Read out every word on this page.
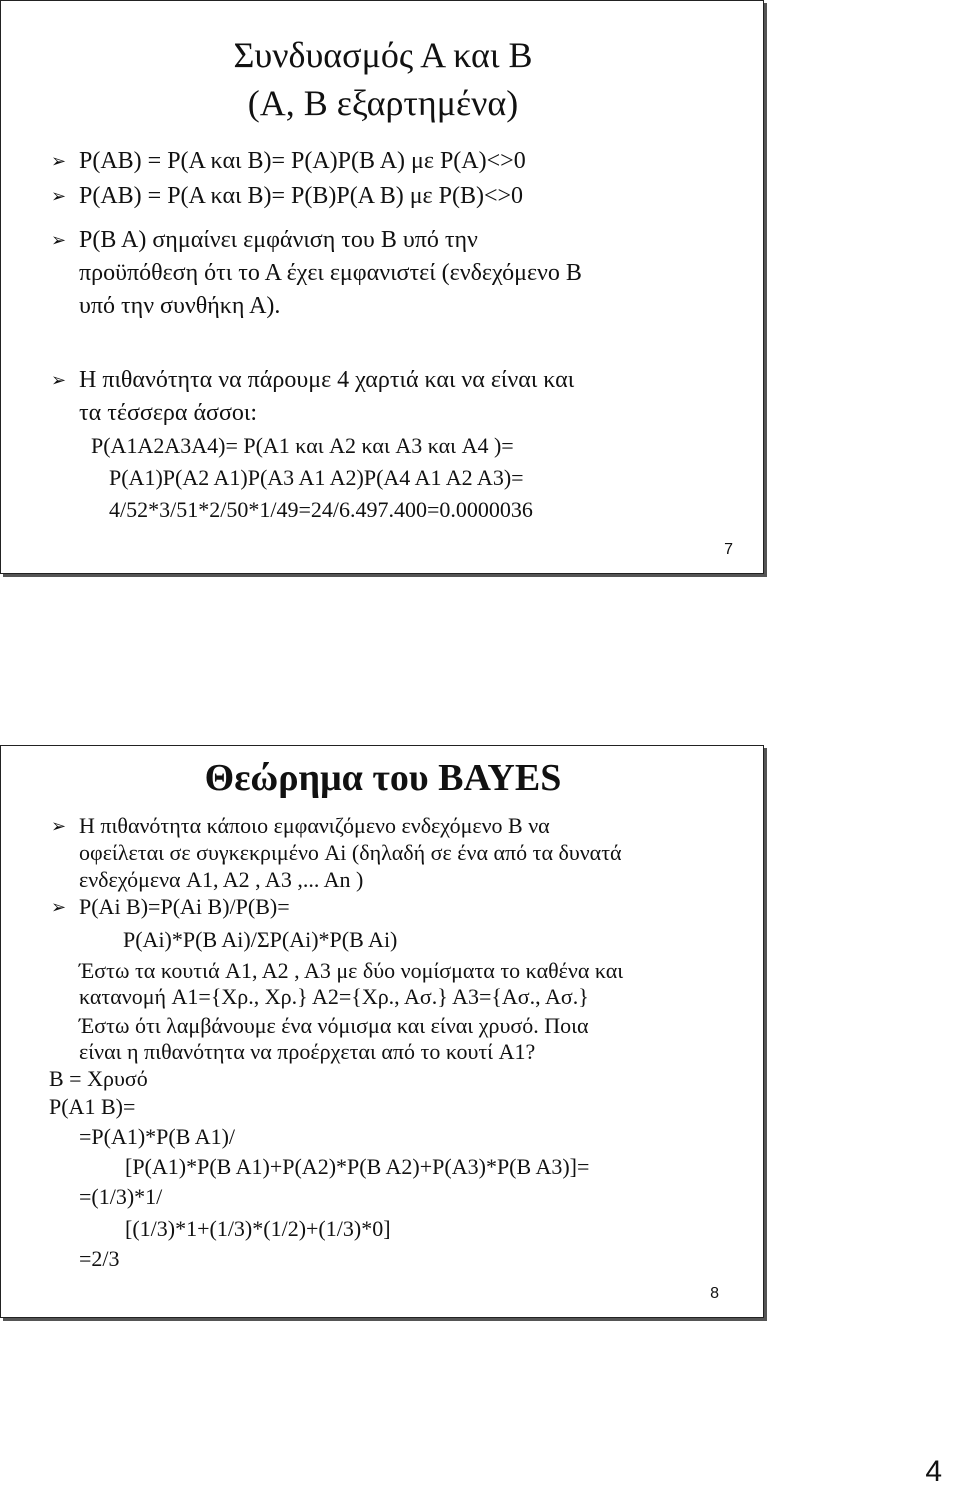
Συνδυασμός Α και Β
(Α, Β εξαρτημένα)
➢ P(AB) = P(A και B)= P(A)P(B A) με P(A)<>0
➢ P(AB) = P(A και B)= P(B)P(A B) με P(B)<>0
➢ P(B A) σημαίνει εμφάνιση του Β υπό την
προϋπόθεση ότι το Α έχει εμφανιστεί (ενδεχόμενο Β
υπό την συνθήκη Α).
➢ Η πιθανότητα να πάρουμε 4 χαρτιά και να είναι και
τα τέσσερα άσσοι:
P(A1A2A3A4)= P(A1 και A2 και A3 και A4 )=
P(A1)P(A2 A1)P(A3 A1 A2)P(A4 A1 A2 A3)=
4/52*3/51*2/50*1/49=24/6.497.400=0.0000036
7
Θεώρημα του BAYES
➢ Η πιθανότητα κάποιο εμφανιζόμενο ενδεχόμενο Β να
οφείλεται σε συγκεκριμένο Ai (δηλαδή σε ένα από τα δυνατά
ενδεχόμενα A1, A2 , A3 ,... An )
➢ P(Ai B)=P(Ai B)/P(B)=
P(Ai)*P(B Ai)/ΣP(Ai)*P(B Ai)
Έστω τα κουτιά A1, A2 , A3 με δύο νομίσματα το καθένα και
κατανομή A1={Χρ., Χρ.} A2={Χρ., Ασ.} A3={Ασ., Ασ.}
Έστω ότι λαμβάνουμε ένα νόμισμα και είναι χρυσό. Ποια
είναι η πιθανότητα να προέρχεται από το κουτί A1?
Β = Χρυσό
P(A1 B)=
=P(A1)*P(B A1)/
[P(A1)*P(B A1)+P(A2)*P(B A2)+P(A3)*P(B A3)]=
=(1/3)*1/
[(1/3)*1+(1/3)*(1/2)+(1/3)*0]
=2/3
8
4
